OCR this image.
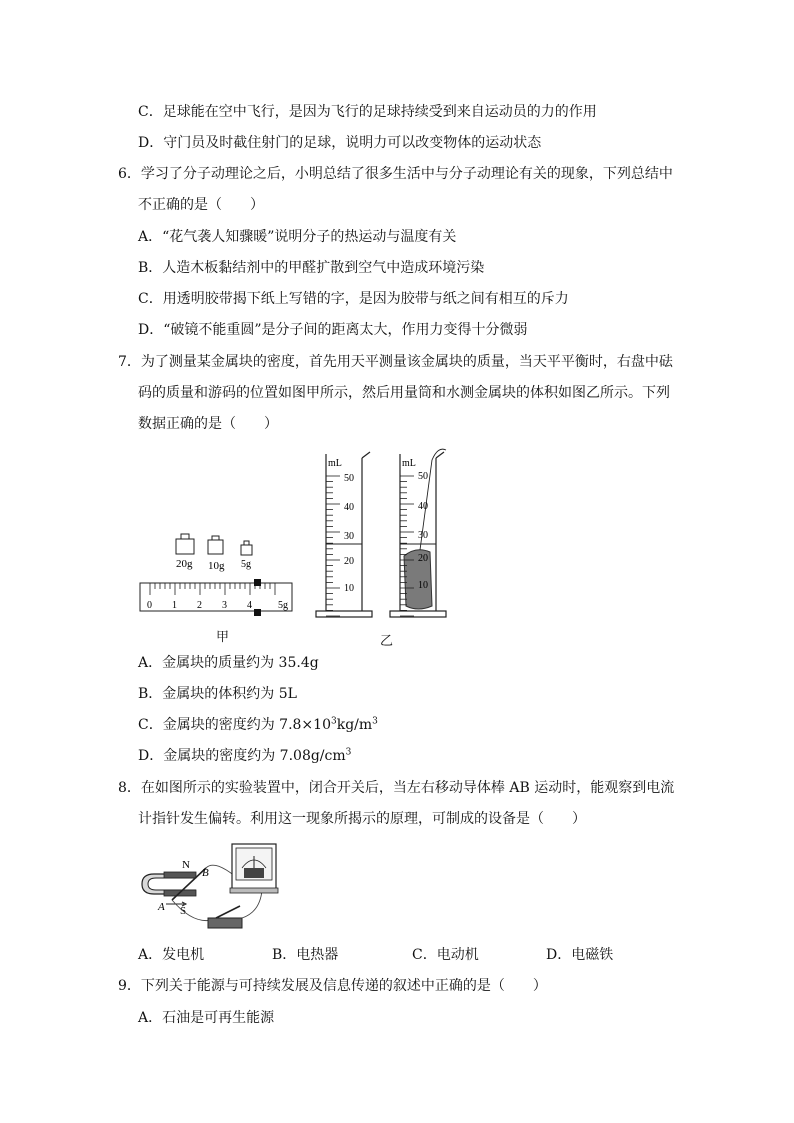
C．足球能在空中飞行，是因为飞行的足球持续受到来自运动员的力的作用
D．守门员及时截住射门的足球，说明力可以改变物体的运动状态
6．学习了分子动理论之后，小明总结了很多生活中与分子动理论有关的现象，下列总结中
不正确的是（　　）
A．“花气袭人知骤暖”说明分子的热运动与温度有关
B．人造木板黏结剂中的甲醛扩散到空气中造成环境污染
C．用透明胶带揭下纸上写错的字，是因为胶带与纸之间有相互的斥力
D．“破镜不能重圆”是分子间的距离太大，作用力变得十分微弱
7．为了测量某金属块的密度，首先用天平测量该金属块的质量，当天平平衡时，右盘中砝
码的质量和游码的位置如图甲所示，然后用量筒和水测金属块的体积如图乙所示。下列
数据正确的是（　　）
20g 10g 5g
0 1 2 3 4	5g
甲
mL
50
40
30
20
10
mL
50
40
30
20
10
乙
A．金属块的质量约为 35.4g
B．金属块的体积约为 5L
C．金属块的密度约为 $7.8\times 10^3kg/m^3$
D．金属块的密度约为 $7.08g/cm^3$
8．在如图所示的实验装置中，闭合开关后，当左右移动导体棒 AB 运动时，能观察到电流
计指针发生偏转。利用这一现象所揭示的原理，可制成的设备是（　　）
N
S
A
B
A．发电机	B．电热器	C．电动机	D．电磁铁
9．下列关于能源与可持续发展及信息传递的叙述中正确的是（　　）
A．石油是可再生能源
